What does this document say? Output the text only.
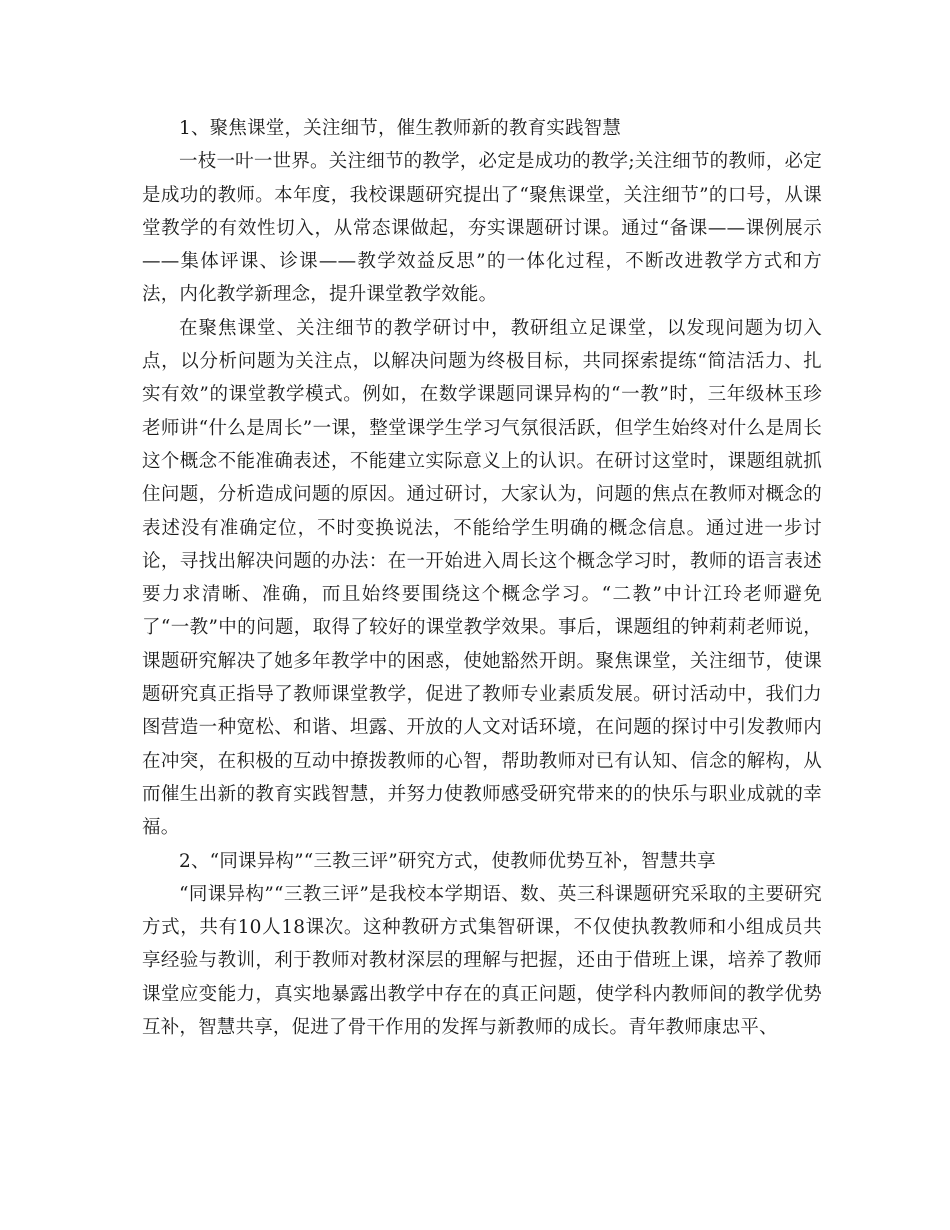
1、聚焦课堂，关注细节，催生教师新的教育实践智慧

一枝一叶一世界。关注细节的教学，必定是成功的教学;关注细节的教师，必定是成功的教师。本年度，我校课题研究提出了“聚焦课堂，关注细节”的口号，从课堂教学的有效性切入，从常态课做起，夯实课题研讨课。通过“备课——课例展示——集体评课、诊课——教学效益反思”的一体化过程，不断改进教学方式和方法，内化教学新理念，提升课堂教学效能。

在聚焦课堂、关注细节的教学研讨中，教研组立足课堂，以发现问题为切入点，以分析问题为关注点，以解决问题为终极目标，共同探索提练“简洁活力、扎实有效”的课堂教学模式。例如，在数学课题同课异构的“一教”时，三年级林玉珍老师讲“什么是周长”一课，整堂课学生学习气氛很活跃，但学生始终对什么是周长这个概念不能准确表述，不能建立实际意义上的认识。在研讨这堂时，课题组就抓住问题，分析造成问题的原因。通过研讨，大家认为，问题的焦点在教师对概念的表述没有准确定位，不时变换说法，不能给学生明确的概念信息。通过进一步讨论，寻找出解决问题的办法：在一开始进入周长这个概念学习时，教师的语言表述要力求清晰、准确，而且始终要围绕这个概念学习。“二教”中计江玲老师避免了“一教”中的问题，取得了较好的课堂教学效果。事后，课题组的钟莉莉老师说，课题研究解决了她多年教学中的困惑，使她豁然开朗。聚焦课堂，关注细节，使课题研究真正指导了教师课堂教学，促进了教师专业素质发展。研讨活动中，我们力图营造一种宽松、和谐、坦露、开放的人文对话环境，在问题的探讨中引发教师内在冲突，在积极的互动中撩拨教师的心智，帮助教师对已有认知、信念的解构，从而催生出新的教育实践智慧，并努力使教师感受研究带来的的快乐与职业成就的幸福。

2、“同课异构”“三教三评”研究方式，使教师优势互补，智慧共享

“同课异构”“三教三评”是我校本学期语、数、英三科课题研究采取的主要研究方式，共有10人18课次。这种教研方式集智研课，不仅使执教教师和小组成员共享经验与教训，利于教师对教材深层的理解与把握，还由于借班上课，培养了教师课堂应变能力，真实地暴露出教学中存在的真正问题，使学科内教师间的教学优势互补，智慧共享，促进了骨干作用的发挥与新教师的成长。青年教师康忠平、
